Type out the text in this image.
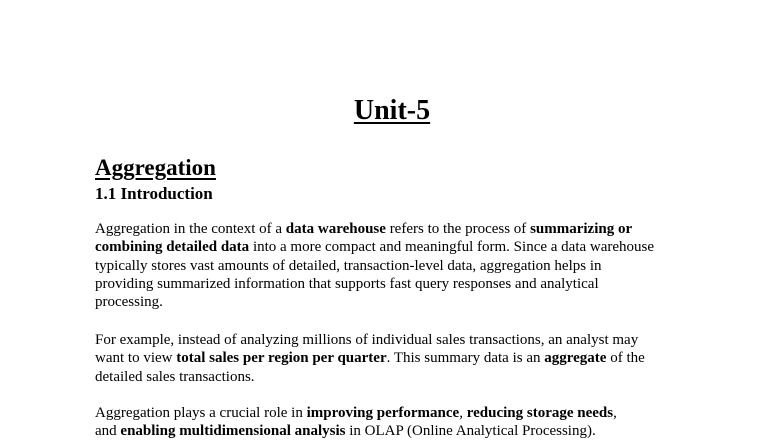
Unit-5
Aggregation
1.1 Introduction

Aggregation in the context of a data warehouse refers to the process of summarizing or
combining detailed data into a more compact and meaningful form. Since a data warehouse
typically stores vast amounts of detailed, transaction-level data, aggregation helps in
providing summarized information that supports fast query responses and analytical
processing.

For example, instead of analyzing millions of individual sales transactions, an analyst may
want to view total sales per region per quarter. This summary data is an aggregate of the
detailed sales transactions.

Aggregation plays a crucial role in improving performance, reducing storage needs,
and enabling multidimensional analysis in OLAP (Online Analytical Processing).
